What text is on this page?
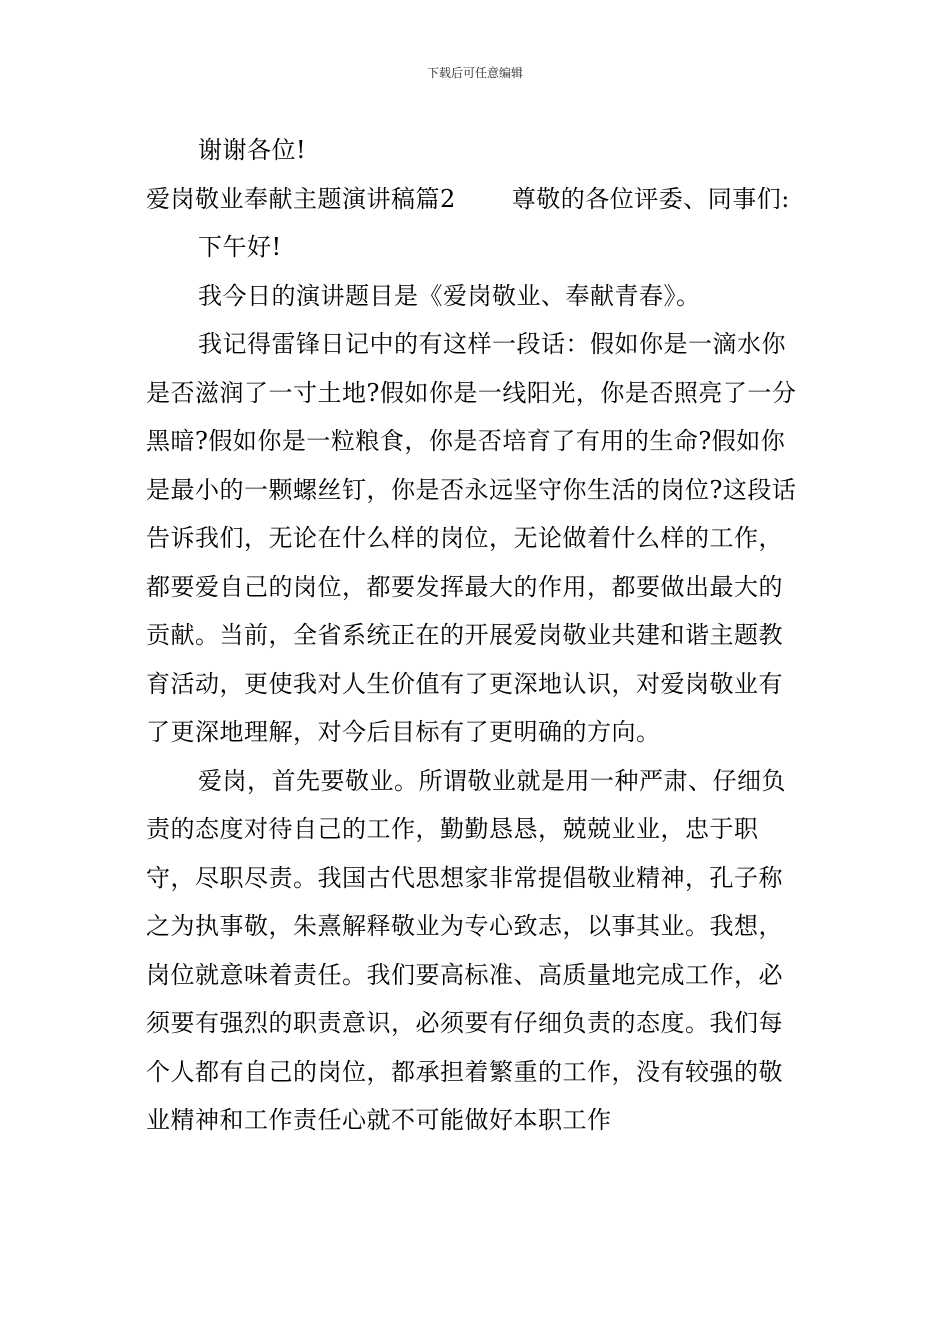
下载后可任意编辑

谢谢各位!

爱岗敬业奉献主题演讲稿篇2 尊敬的各位评委、同事们:

下午好!

我今日的演讲题目是《爱岗敬业、奉献青春》。

我记得雷锋日记中的有这样一段话：假如你是一滴水你是否滋润了一寸土地?假如你是一线阳光，你是否照亮了一分黑暗?假如你是一粒粮食，你是否培育了有用的生命?假如你是最小的一颗螺丝钉，你是否永远坚守你生活的岗位?这段话告诉我们，无论在什么样的岗位，无论做着什么样的工作，都要爱自己的岗位，都要发挥最大的作用，都要做出最大的贡献。当前，全省系统正在的开展爱岗敬业共建和谐主题教育活动，更使我对人生价值有了更深地认识，对爱岗敬业有了更深地理解，对今后目标有了更明确的方向。

爱岗，首先要敬业。所谓敬业就是用一种严肃、仔细负责的态度对待自己的工作，勤勤恳恳，兢兢业业，忠于职守，尽职尽责。我国古代思想家非常提倡敬业精神，孔子称之为执事敬，朱熹解释敬业为专心致志，以事其业。我想，岗位就意味着责任。我们要高标准、高质量地完成工作，必须要有强烈的职责意识，必须要有仔细负责的态度。我们每个人都有自己的岗位，都承担着繁重的工作，没有较强的敬业精神和工作责任心就不可能做好本职工作
